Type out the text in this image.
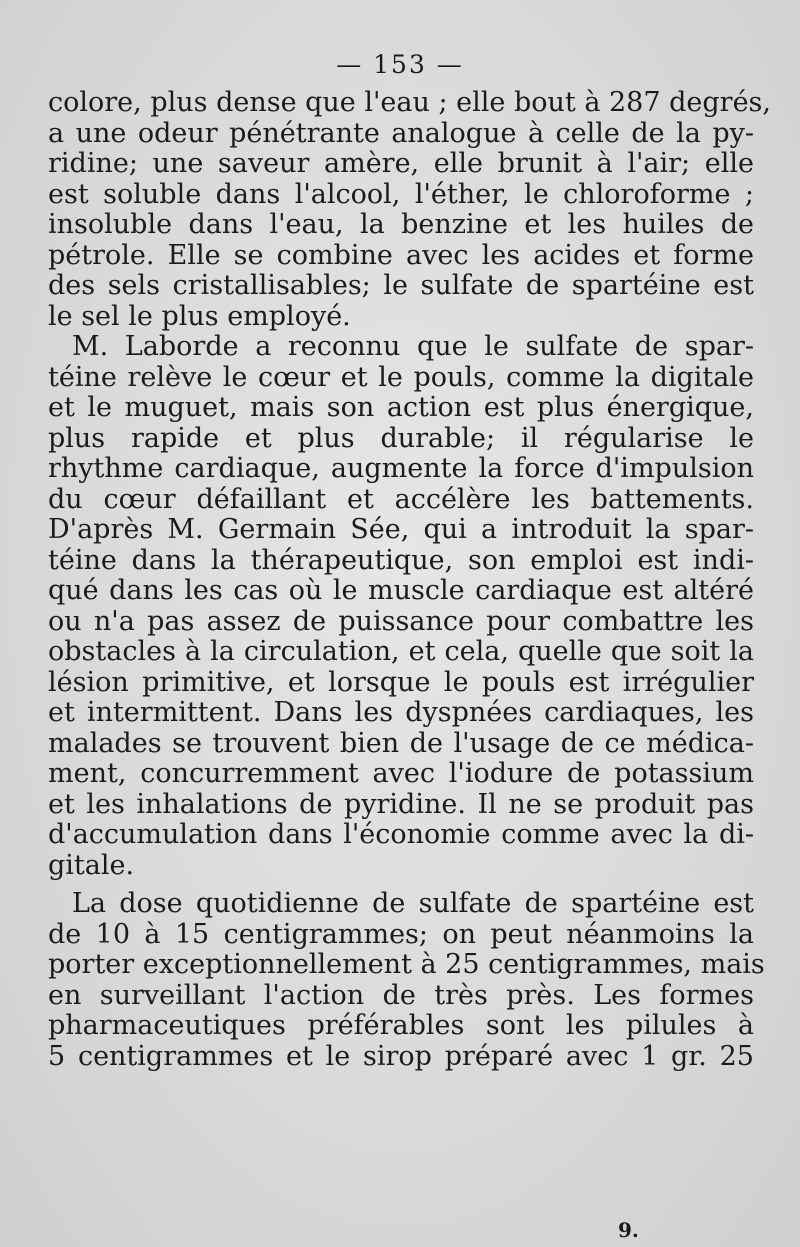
— 153 —
colore, plus dense que l'eau ; elle bout à 287 degrés,
a une odeur pénétrante analogue à celle de la py-
ridine; une saveur amère, elle brunit à l'air; elle
est soluble dans l'alcool, l'éther, le chloroforme ;
insoluble dans l'eau, la benzine et les huiles de
pétrole. Elle se combine avec les acides et forme
des sels cristallisables; le sulfate de spartéine est
le sel le plus employé.
M. Laborde a reconnu que le sulfate de spar-
téine relève le cœur et le pouls, comme la digitale
et le muguet, mais son action est plus énergique,
plus rapide et plus durable; il régularise le
rhythme cardiaque, augmente la force d'impulsion
du cœur défaillant et accélère les battements.
D'après M. Germain Sée, qui a introduit la spar-
téine dans la thérapeutique, son emploi est indi-
qué dans les cas où le muscle cardiaque est altéré
ou n'a pas assez de puissance pour combattre les
obstacles à la circulation, et cela, quelle que soit la
lésion primitive, et lorsque le pouls est irrégulier
et intermittent. Dans les dyspnées cardiaques, les
malades se trouvent bien de l'usage de ce médica-
ment, concurremment avec l'iodure de potassium
et les inhalations de pyridine. Il ne se produit pas
d'accumulation dans l'économie comme avec la di-
gitale.
La dose quotidienne de sulfate de spartéine est
de 10 à 15 centigrammes; on peut néanmoins la
porter exceptionnellement à 25 centigrammes, mais
en surveillant l'action de très près. Les formes
pharmaceutiques préférables sont les pilules à
5 centigrammes et le sirop préparé avec 1 gr. 25
9.
